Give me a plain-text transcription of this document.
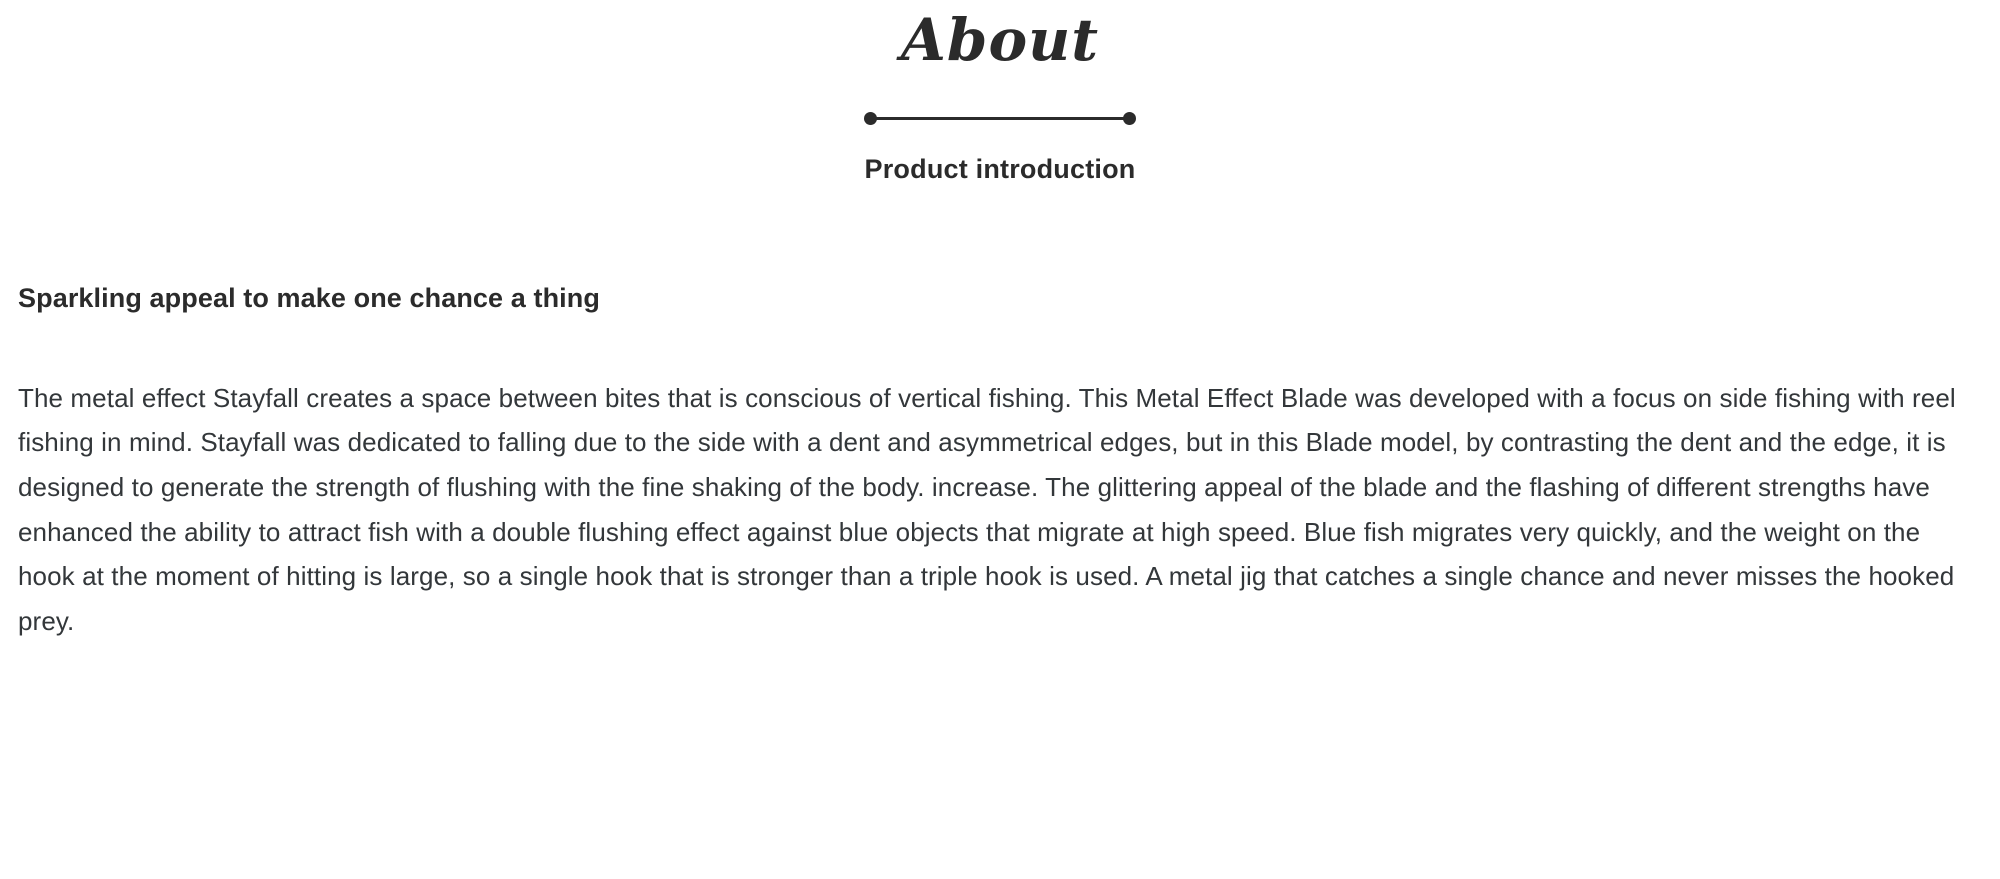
About
Product introduction

Sparkling appeal to make one chance a thing

The metal effect Stayfall creates a space between bites that is conscious of vertical fishing. This Metal Effect Blade was developed with a focus on side fishing with reel fishing in mind. Stayfall was dedicated to falling due to the side with a dent and asymmetrical edges, but in this Blade model, by contrasting the dent and the edge, it is designed to generate the strength of flushing with the fine shaking of the body. increase. The glittering appeal of the blade and the flashing of different strengths have enhanced the ability to attract fish with a double flushing effect against blue objects that migrate at high speed. Blue fish migrates very quickly, and the weight on the hook at the moment of hitting is large, so a single hook that is stronger than a triple hook is used. A metal jig that catches a single chance and never misses the hooked prey.
